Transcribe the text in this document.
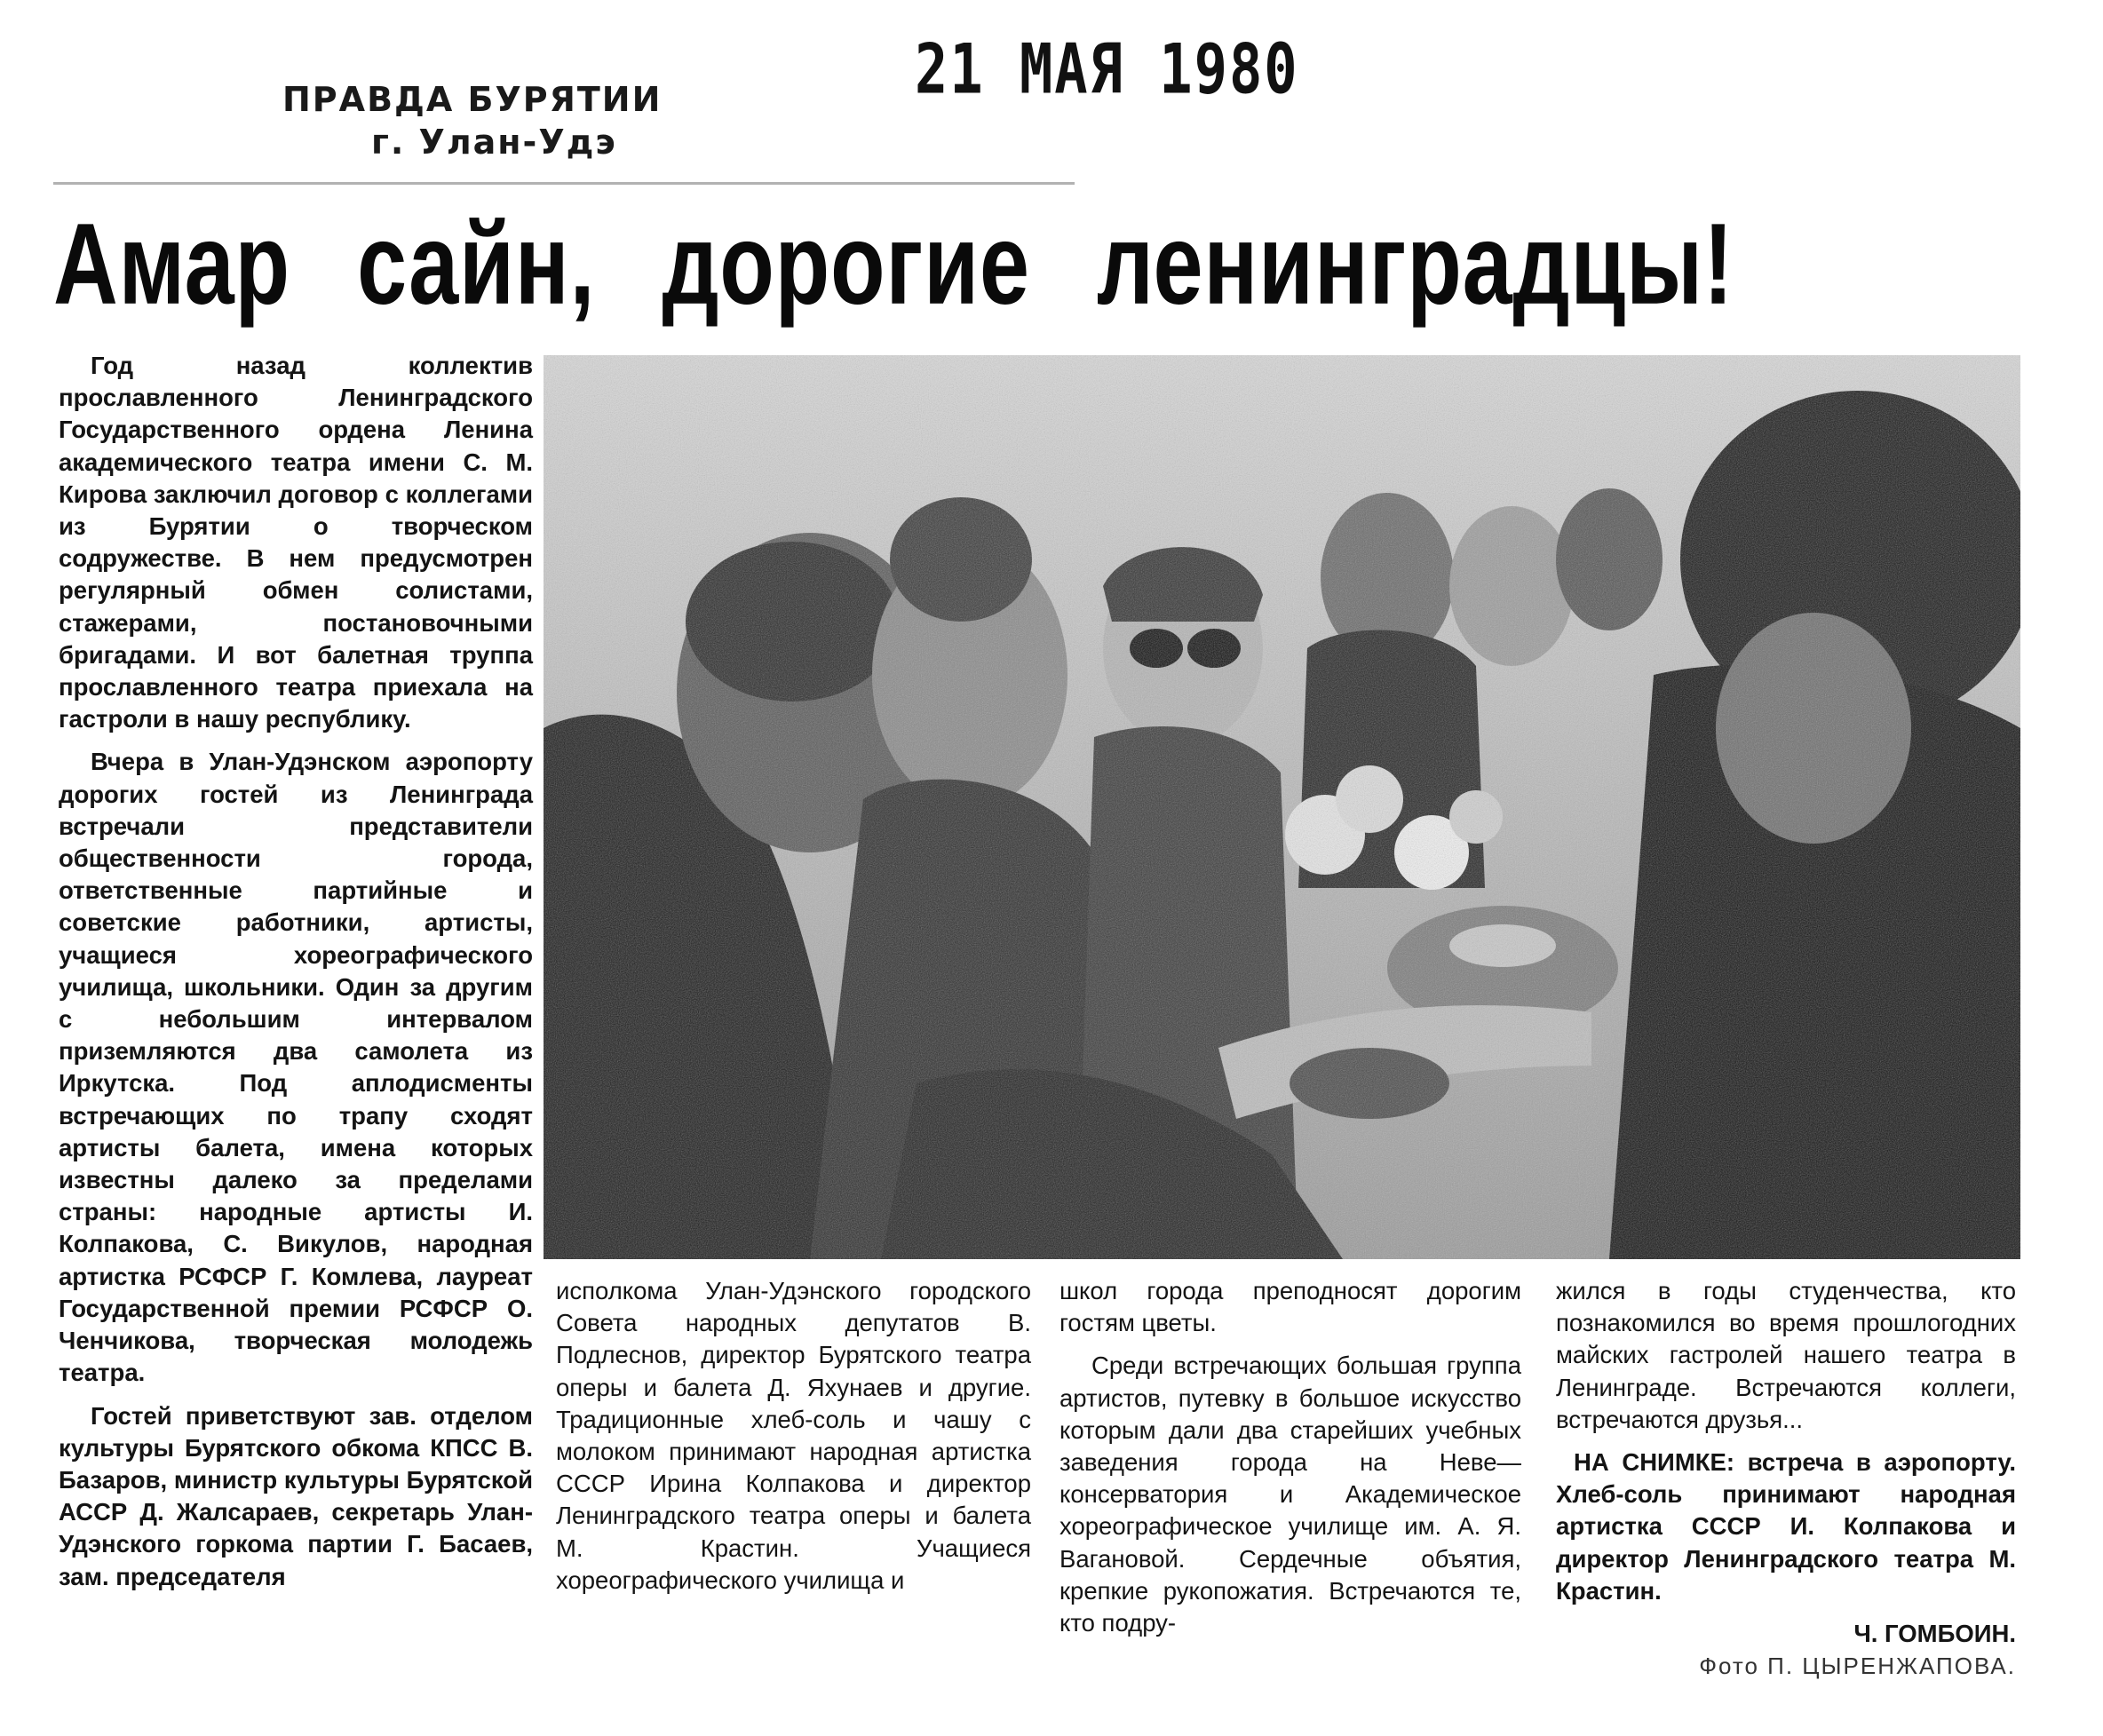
ПРАВДА БУРЯТИИ
г. Улан-Удэ
21 МАЯ 1980
Амар сайн, дорогие ленинградцы!

Год назад коллектив прославленного Ленинградского Государственного ордена Ленина академического театра имени С. М. Кирова заключил договор с коллегами из Бурятии о творческом содружестве. В нем предусмотрен регулярный обмен солистами, стажерами, постановочными бригадами. И вот балетная труппа прославленного театра приехала на гастроли в нашу республику.

Вчера в Улан-Удэнском аэропорту дорогих гостей из Ленинграда встречали представители общественности города, ответственные партийные и советские работники, артисты, учащиеся хореографического училища, школьники. Один за другим с небольшим интервалом приземляются два самолета из Иркутска. Под аплодисменты встречающих по трапу сходят артисты балета, имена которых известны далеко за пределами страны: народные артисты И. Колпакова, С. Викулов, народная артистка РСФСР Г. Комлева, лауреат Государственной премии РСФСР О. Ченчикова, творческая молодежь театра.

Гостей приветствуют зав. отделом культуры Бурятского обкома КПСС В. Базаров, министр культуры Бурятской АССР Д. Жалсараев, секретарь Улан-Удэнского горкома партии Г. Басаев, зам. председателя

исполкома Улан-Удэнского городского Совета народных депутатов В. Подлеснов, директор Бурятского театра оперы и балета Д. Яхунаев и другие. Традиционные хлеб-соль и чашу с молоком принимают народная артистка СССР Ирина Колпакова и директор Ленинградского театра оперы и балета М. Крастин. Учащиеся хореографического училища и

школ города преподносят дорогим гостям цветы.

Среди встречающих большая группа артистов, путевку в большое искусство которым дали два старейших учебных заведения города на Неве—консерватория и Академическое хореографическое училище им. А. Я. Вагановой. Сердечные объятия, крепкие рукопожатия. Встречаются те, кто подру-

жился в годы студенчества, кто познакомился во время прошлогодних майских гастролей нашего театра в Ленинграде. Встречаются коллеги, встречаются друзья...

НА СНИМКЕ: встреча в аэропорту. Хлеб-соль принимают народная артистка СССР И. Колпакова и директор Ленинградского театра М. Крастин.

Ч. ГОМБОИН.

Фото П. ЦЫРЕНЖАПОВА.
